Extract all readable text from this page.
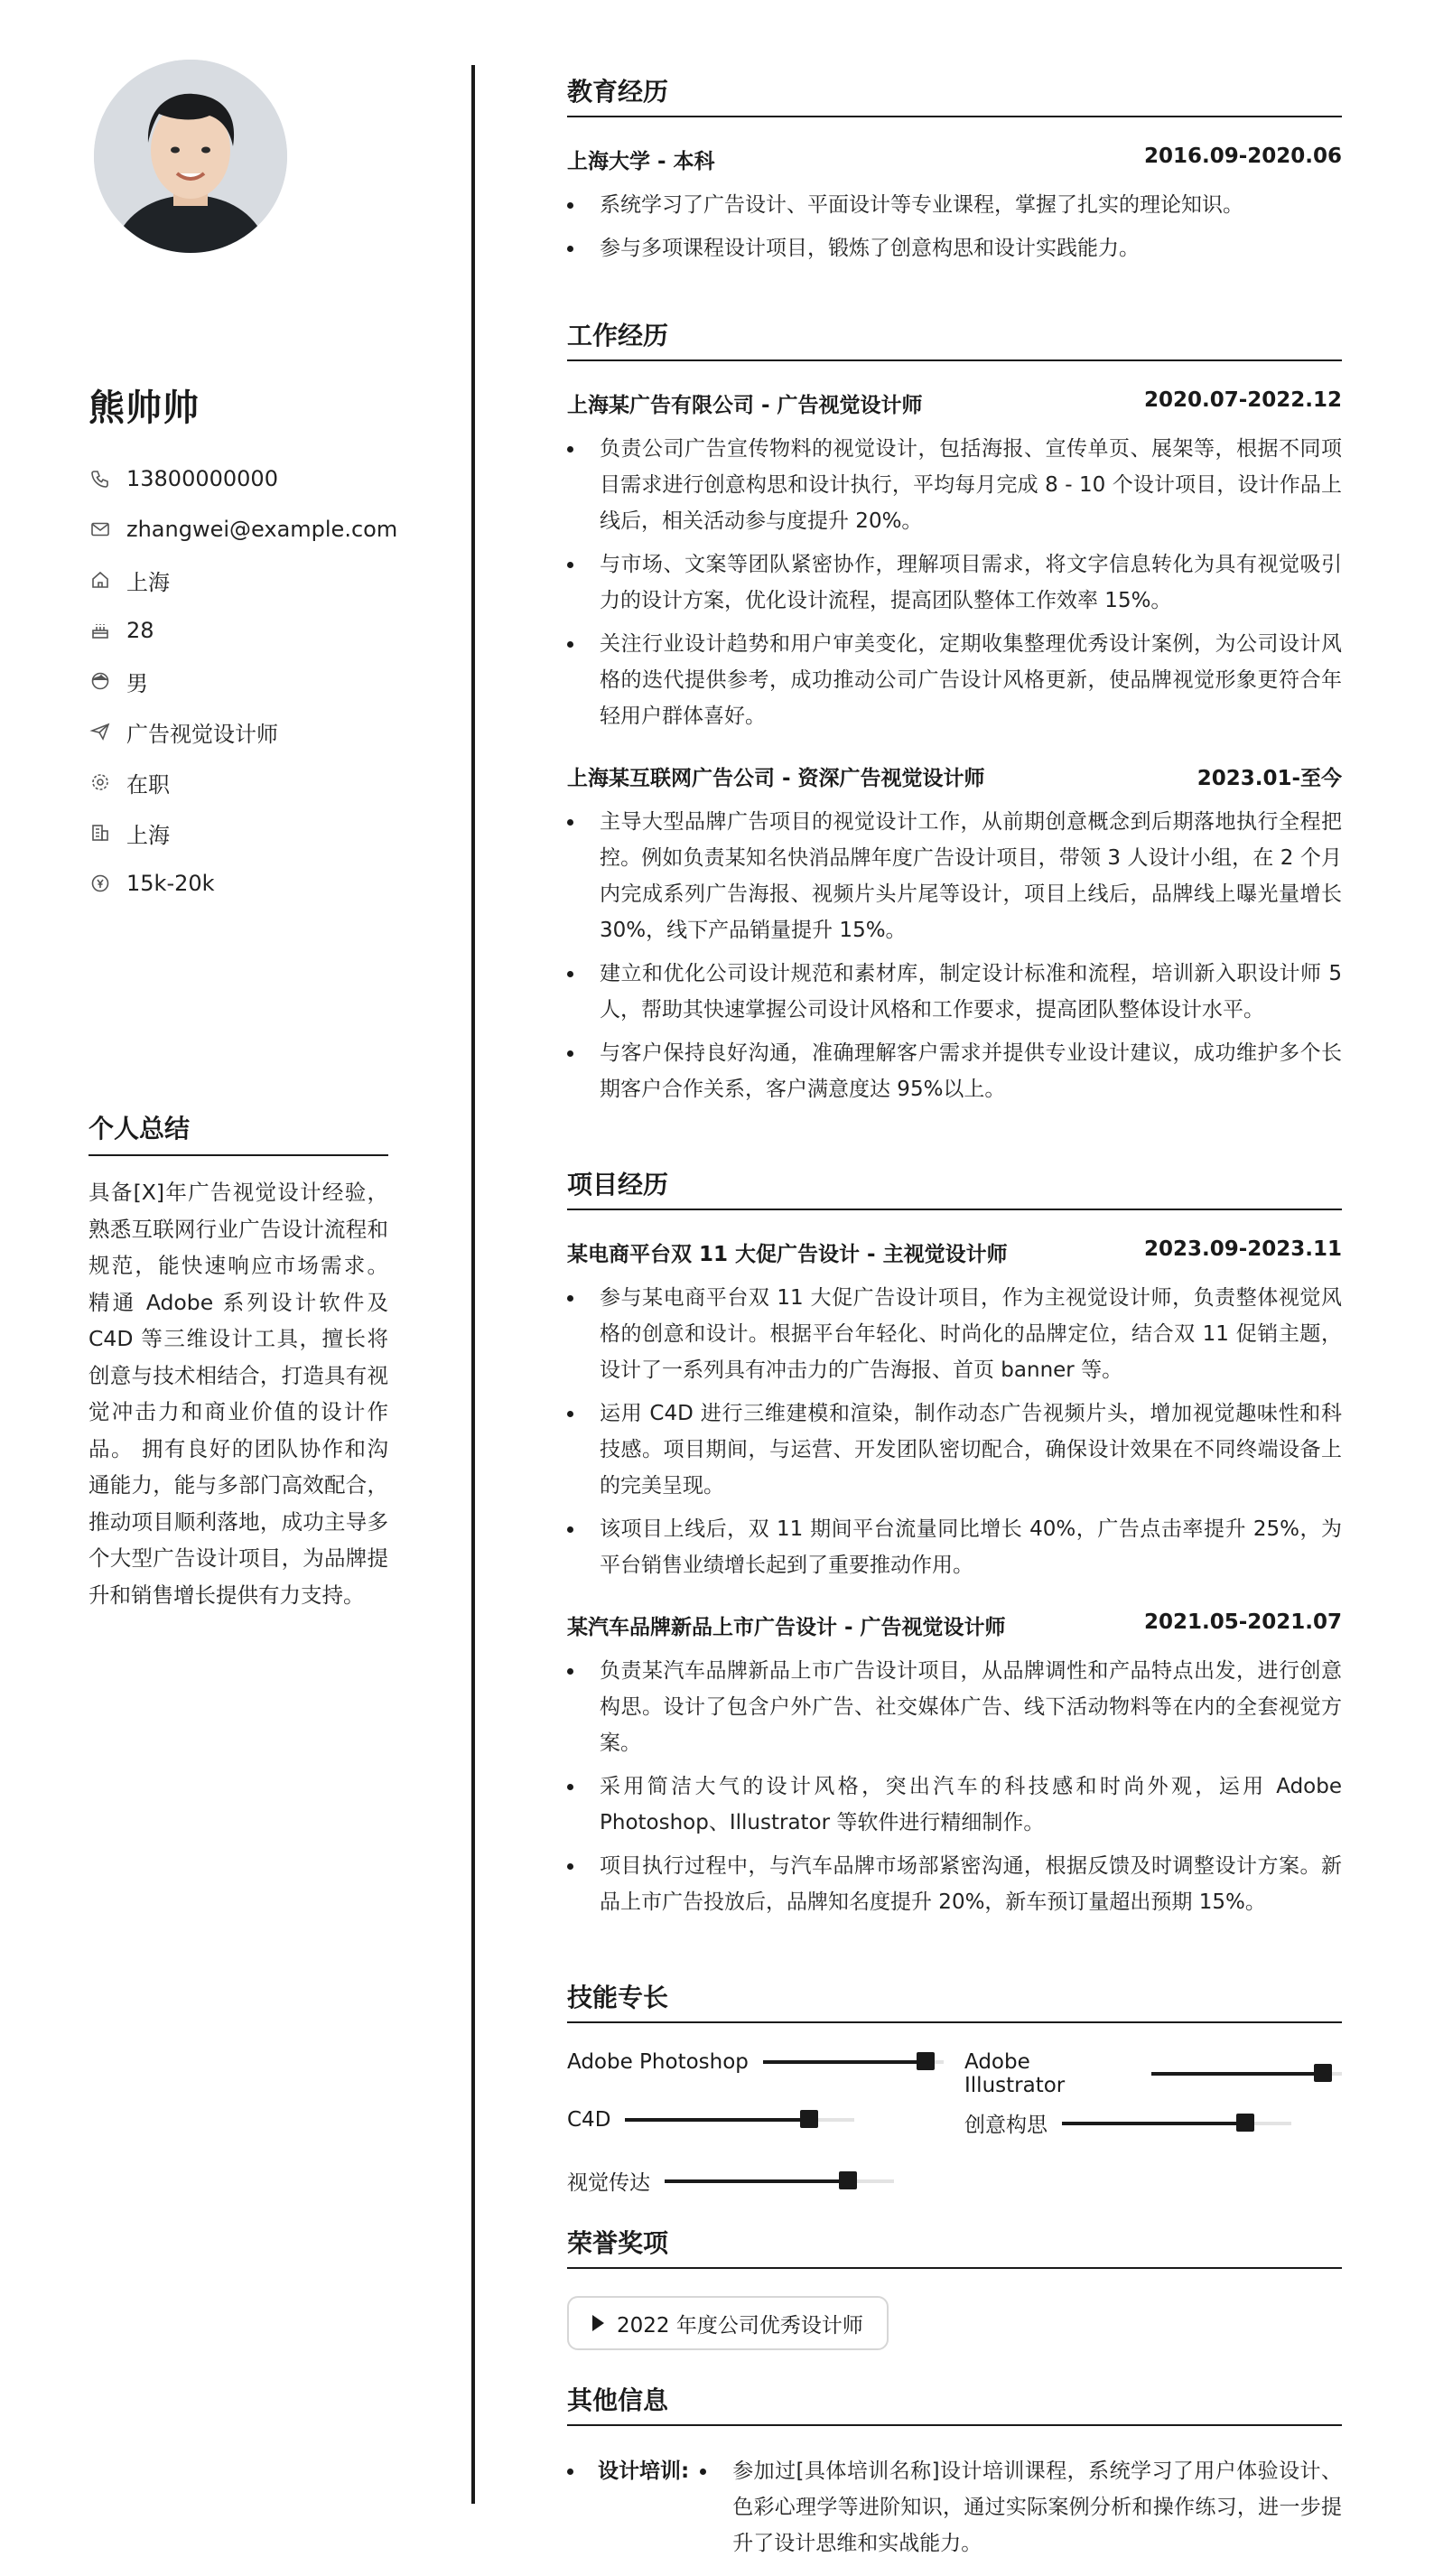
熊帅帅
13800000000
zhangwei@example.com
上海
28
男
广告视觉设计师
在职
上海
15k-20k
个人总结
具备[X]年广告视觉设计经验，熟悉互联网行业广告设计流程和规范，能快速响应市场需求。 精通 Adobe 系列设计软件及 C4D 等三维设计工具，擅长将创意与技术相结合，打造具有视觉冲击力和商业价值的设计作品。 拥有良好的团队协作和沟通能力，能与多部门高效配合，推动项目顺利落地，成功主导多个大型广告设计项目，为品牌提升和销售增长提供有力支持。
教育经历
上海大学 - 本科	2016.09-2020.06
系统学习了广告设计、平面设计等专业课程，掌握了扎实的理论知识。
参与多项课程设计项目，锻炼了创意构思和设计实践能力。
工作经历
上海某广告有限公司 - 广告视觉设计师	2020.07-2022.12
负责公司广告宣传物料的视觉设计，包括海报、宣传单页、展架等，根据不同项目需求进行创意构思和设计执行，平均每月完成 8 - 10 个设计项目，设计作品上线后，相关活动参与度提升 20%。
与市场、文案等团队紧密协作，理解项目需求，将文字信息转化为具有视觉吸引力的设计方案，优化设计流程，提高团队整体工作效率 15%。
关注行业设计趋势和用户审美变化，定期收集整理优秀设计案例，为公司设计风格的迭代提供参考，成功推动公司广告设计风格更新，使品牌视觉形象更符合年轻用户群体喜好。
上海某互联网广告公司 - 资深广告视觉设计师	2023.01-至今
主导大型品牌广告项目的视觉设计工作，从前期创意概念到后期落地执行全程把控。例如负责某知名快消品牌年度广告设计项目，带领 3 人设计小组，在 2 个月内完成系列广告海报、视频片头片尾等设计，项目上线后，品牌线上曝光量增长 30%，线下产品销量提升 15%。
建立和优化公司设计规范和素材库，制定设计标准和流程，培训新入职设计师 5 人，帮助其快速掌握公司设计风格和工作要求，提高团队整体设计水平。
与客户保持良好沟通，准确理解客户需求并提供专业设计建议，成功维护多个长期客户合作关系，客户满意度达 95%以上。
项目经历
某电商平台双 11 大促广告设计 - 主视觉设计师	2023.09-2023.11
参与某电商平台双 11 大促广告设计项目，作为主视觉设计师，负责整体视觉风格的创意和设计。根据平台年轻化、时尚化的品牌定位，结合双 11 促销主题，设计了一系列具有冲击力的广告海报、首页 banner 等。
运用 C4D 进行三维建模和渲染，制作动态广告视频片头，增加视觉趣味性和科技感。项目期间，与运营、开发团队密切配合，确保设计效果在不同终端设备上的完美呈现。
该项目上线后，双 11 期间平台流量同比增长 40%，广告点击率提升 25%，为平台销售业绩增长起到了重要推动作用。
某汽车品牌新品上市广告设计 - 广告视觉设计师	2021.05-2021.07
负责某汽车品牌新品上市广告设计项目，从品牌调性和产品特点出发，进行创意构思。设计了包含户外广告、社交媒体广告、线下活动物料等在内的全套视觉方案。
采用简洁大气的设计风格，突出汽车的科技感和时尚外观，运用 Adobe Photoshop、Illustrator 等软件进行精细制作。
项目执行过程中，与汽车品牌市场部紧密沟通，根据反馈及时调整设计方案。新品上市广告投放后，品牌知名度提升 20%，新车预订量超出预期 15%。
技能专长
Adobe Photoshop	Adobe Illustrator
C4D	创意构思
视觉传达
荣誉奖项
2022 年度公司优秀设计师
其他信息
设计培训:	参加过[具体培训名称]设计培训课程，系统学习了用户体验设计、色彩心理学等进阶知识，通过实际案例分析和操作练习，进一步提升了设计思维和实战能力。
